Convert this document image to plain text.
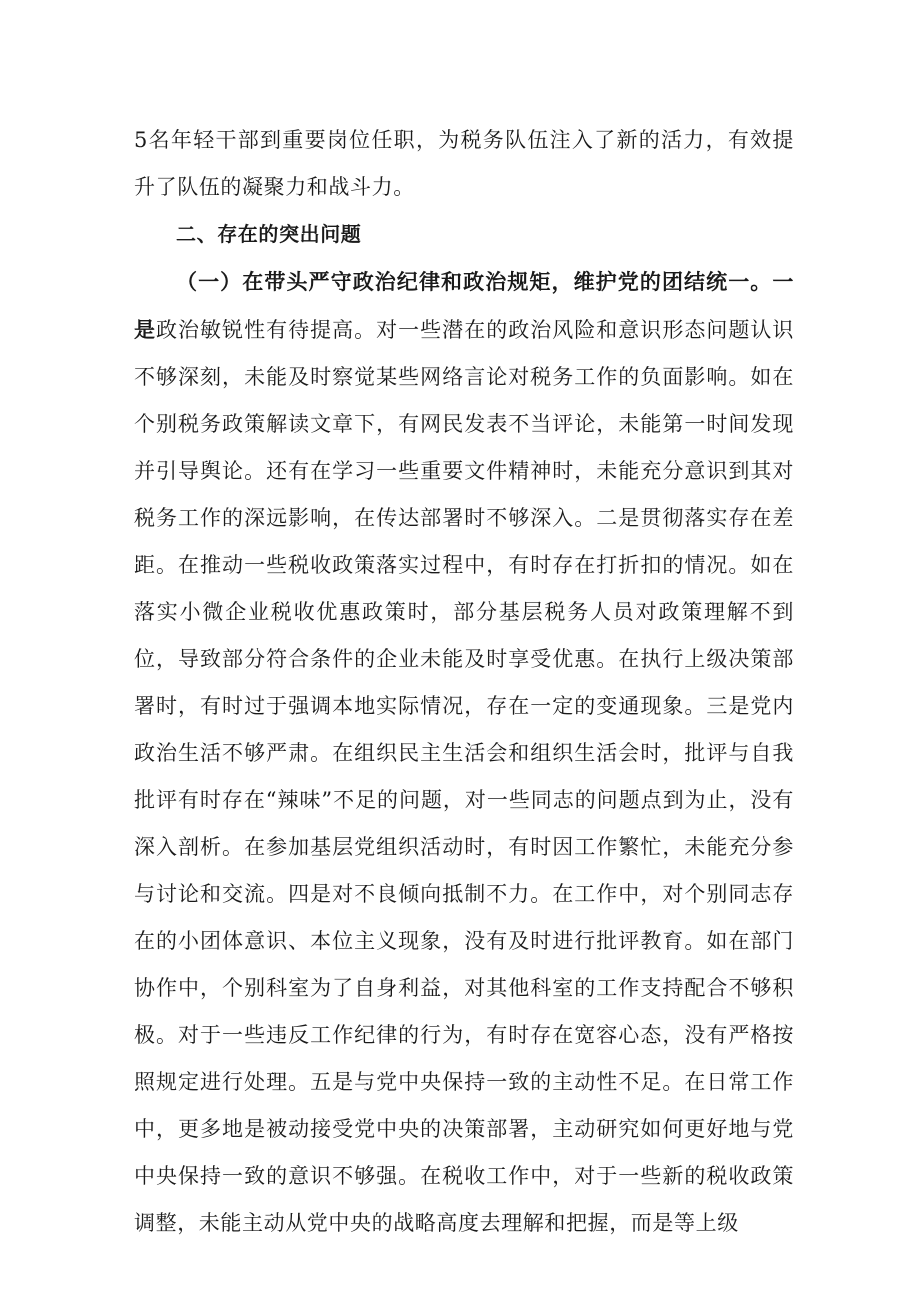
5名年轻干部到重要岗位任职，为税务队伍注入了新的活力，有效提升了队伍的凝聚力和战斗力。

二、存在的突出问题

（一）在带头严守政治纪律和政治规矩，维护党的团结统一。一是政治敏锐性有待提高。对一些潜在的政治风险和意识形态问题认识不够深刻，未能及时察觉某些网络言论对税务工作的负面影响。如在个别税务政策解读文章下，有网民发表不当评论，未能第一时间发现并引导舆论。还有在学习一些重要文件精神时，未能充分意识到其对税务工作的深远影响，在传达部署时不够深入。二是贯彻落实存在差距。在推动一些税收政策落实过程中，有时存在打折扣的情况。如在落实小微企业税收优惠政策时，部分基层税务人员对政策理解不到位，导致部分符合条件的企业未能及时享受优惠。在执行上级决策部署时，有时过于强调本地实际情况，存在一定的变通现象。三是党内政治生活不够严肃。在组织民主生活会和组织生活会时，批评与自我批评有时存在“辣味”不足的问题，对一些同志的问题点到为止，没有深入剖析。在参加基层党组织活动时，有时因工作繁忙，未能充分参与讨论和交流。四是对不良倾向抵制不力。在工作中，对个别同志存在的小团体意识、本位主义现象，没有及时进行批评教育。如在部门协作中，个别科室为了自身利益，对其他科室的工作支持配合不够积极。对于一些违反工作纪律的行为，有时存在宽容心态，没有严格按照规定进行处理。五是与党中央保持一致的主动性不足。在日常工作中，更多地是被动接受党中央的决策部署，主动研究如何更好地与党中央保持一致的意识不够强。在税收工作中，对于一些新的税收政策调整，未能主动从党中央的战略高度去理解和把握，而是等上级
